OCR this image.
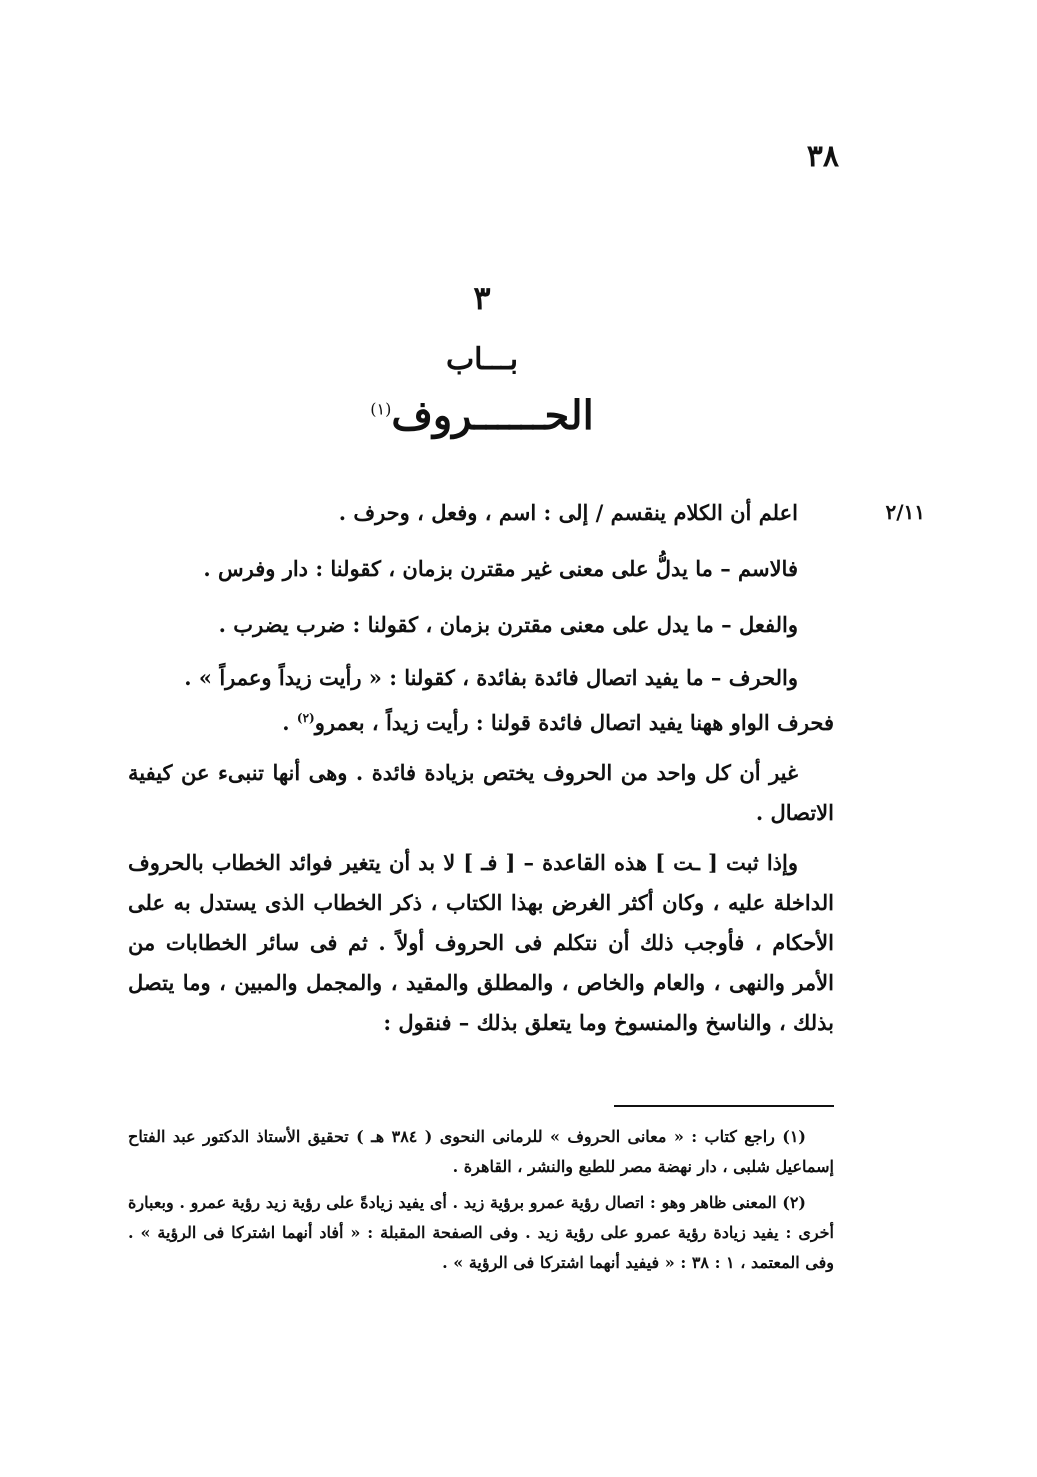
٣٨
٣
بـــاب
الحــــــروف$^{(١)}$
٢/١١

اعلم أن الكلام ينقسم / إلى : اسم ، وفعل ، وحرف .

فالاسم – ما يدلُّ على معنى غير مقترن بزمان ، كقولنا : دار وفرس .

والفعل – ما يدل على معنى مقترن بزمان ، كقولنا : ضرب يضرب .

والحرف – ما يفيد اتصال فائدة بفائدة ، كقولنا : « رأيت زيداً وعمراً » .
فحرف الواو ههنا يفيد اتصال فائدة قولنا : رأيت زيداً ، بعمرو$^{(٢)}$ .

غير أن كل واحد من الحروف يختص بزيادة فائدة . وهى أنها تنبىء عن كيفية الاتصال .

وإذا ثبت [ ـت ] هذه القاعدة – [ فـ ] لا بد أن يتغير فوائد الخطاب بالحروف الداخلة عليه ، وكان أكثر الغرض بهذا الكتاب ، ذكر الخطاب الذى يستدل به على الأحكام ، فأوجب ذلك أن نتكلم فى الحروف أولاً . ثم فى سائر الخطابات من الأمر والنهى ، والعام والخاص ، والمطلق والمقيد ، والمجمل والمبين ، وما يتصل بذلك ، والناسخ والمنسوخ وما يتعلق بذلك – فنقول :

(١) راجع كتاب : « معانى الحروف » للرمانى النحوى ( ٣٨٤ هـ ) تحقيق الأستاذ الدكتور عبد الفتاح إسماعيل شلبى ، دار نهضة مصر للطبع والنشر ، القاهرة .

(٢) المعنى ظاهر وهو : اتصال رؤية عمرو برؤية زيد . أى يفيد زيادةً على رؤية زيد رؤية عمرو . وبعبارة أخرى : يفيد زيادة رؤية عمرو على رؤية زيد . وفى الصفحة المقبلة : « أفاد أنهما اشتركا فى الرؤية » . وفى المعتمد ، ١ : ٣٨ : « فيفيد أنهما اشتركا فى الرؤية » .
